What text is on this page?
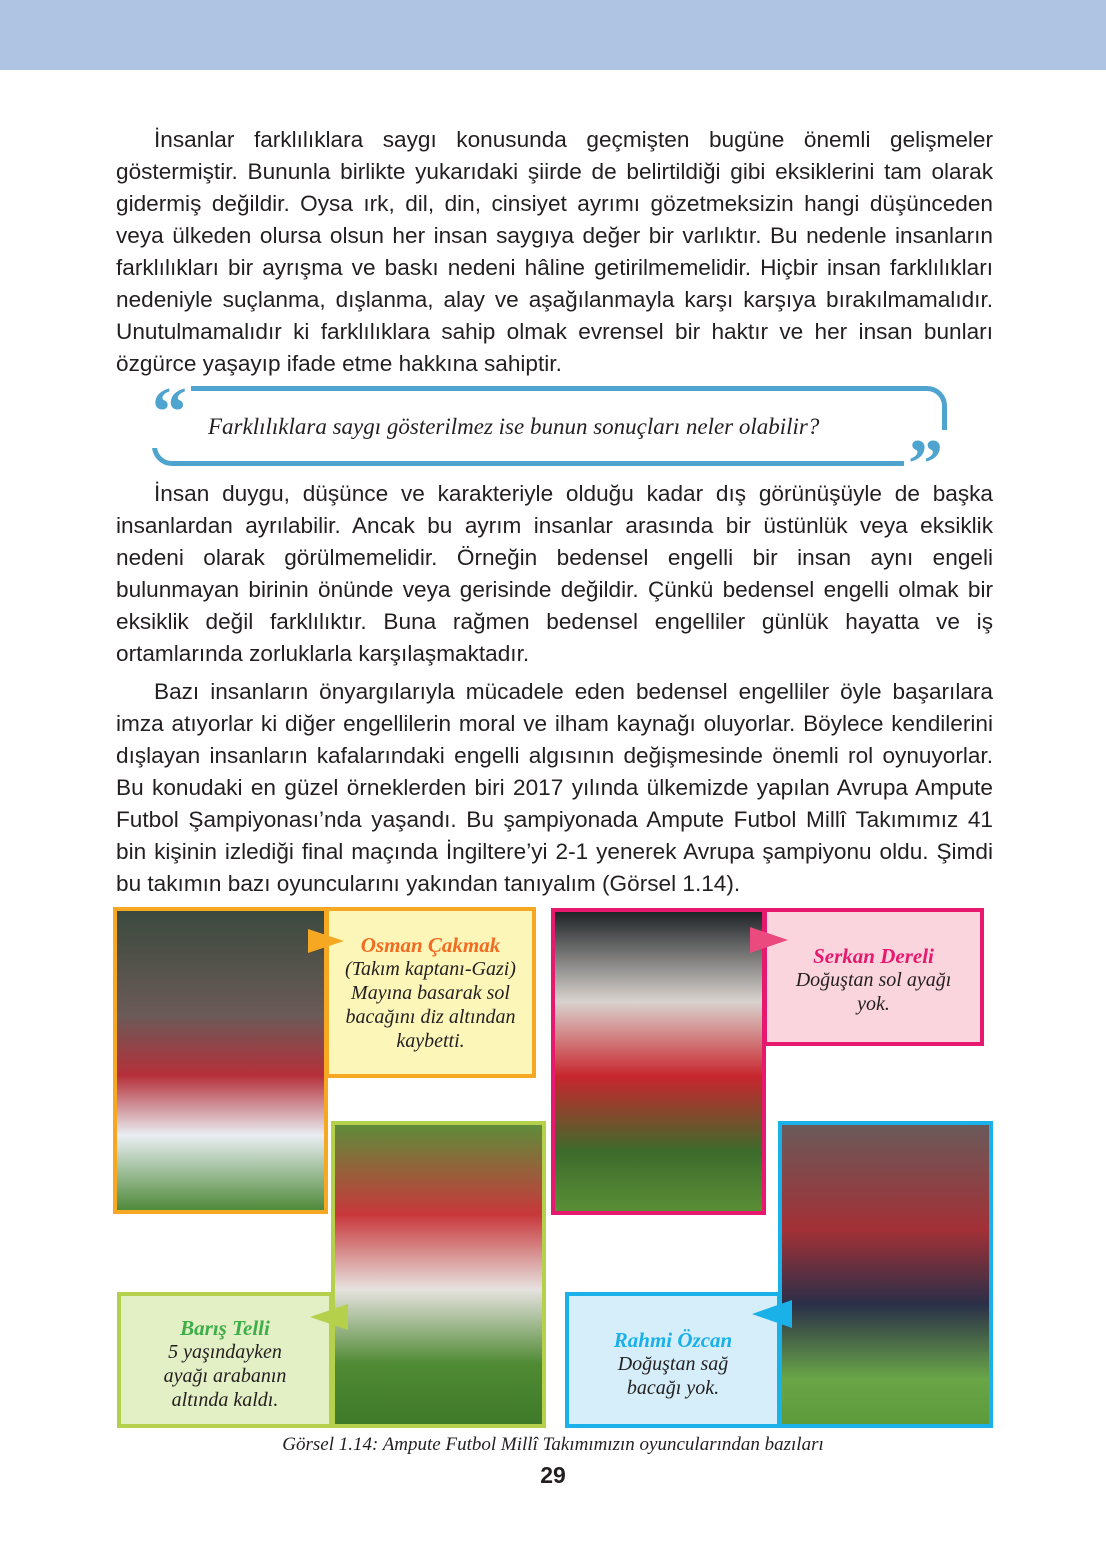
İnsanlar farklılıklara saygı konusunda geçmişten bugüne önemli gelişmeler göstermiştir. Bununla birlikte yukarıdaki şiirde de belirtildiği gibi eksiklerini tam olarak gidermiş değildir. Oysa ırk, dil, din, cinsiyet ayrımı gözetmeksizin hangi düşünceden veya ülkeden olursa olsun her insan saygıya değer bir varlıktır. Bu nedenle insanların farklılıkları bir ayrışma ve baskı nedeni hâline getirilmemelidir. Hiçbir insan farklılıkları nedeniyle suçlanma, dışlanma, alay ve aşağılanmayla karşı karşıya bırakılmamalıdır. Unutulmamalıdır ki farklılıklara sahip olmak evrensel bir haktır ve her insan bunları özgürce yaşayıp ifade etme hakkına sahiptir.

“
”
Farklılıklara saygı gösterilmez ise bunun sonuçları neler olabilir?

İnsan duygu, düşünce ve karakteriyle olduğu kadar dış görünüşüyle de başka insanlardan ayrılabilir. Ancak bu ayrım insanlar arasında bir üstünlük veya eksiklik nedeni olarak görülmemelidir. Örneğin bedensel engelli bir insan aynı engeli bulunmayan birinin önünde veya gerisinde değildir. Çünkü bedensel engelli olmak bir eksiklik değil farklılıktır. Buna rağmen bedensel engelliler günlük hayatta ve iş ortamlarında zorluklarla karşılaşmaktadır.

Bazı insanların önyargılarıyla mücadele eden bedensel engelliler öyle başarılara imza atıyorlar ki diğer engellilerin moral ve ilham kaynağı oluyorlar. Böylece kendilerini dışlayan insanların kafalarındaki engelli algısının değişmesinde önemli rol oynuyorlar. Bu konudaki en güzel örneklerden biri 2017 yılında ülkemizde yapılan Avrupa Ampute Futbol Şampiyonası’nda yaşandı. Bu şampiyonada Ampute Futbol Millî Takımımız 41 bin kişinin izlediği final maçında İngiltere’yi 2-1 yenerek Avrupa şampiyonu oldu. Şimdi bu takımın bazı oyuncularını yakından tanıyalım (Görsel 1.14).

Osman Çakmak
(Takım kaptanı-Gazi)
Mayına basarak sol
bacağını diz altından
kaybetti.
Serkan Dereli
Doğuştan sol ayağı
yok.
Barış Telli
5 yaşındayken
ayağı arabanın
altında kaldı.
Rahmi Özcan
Doğuştan sağ
bacağı yok.
Görsel 1.14: Ampute Futbol Millî Takımımızın oyuncularından bazıları
29
